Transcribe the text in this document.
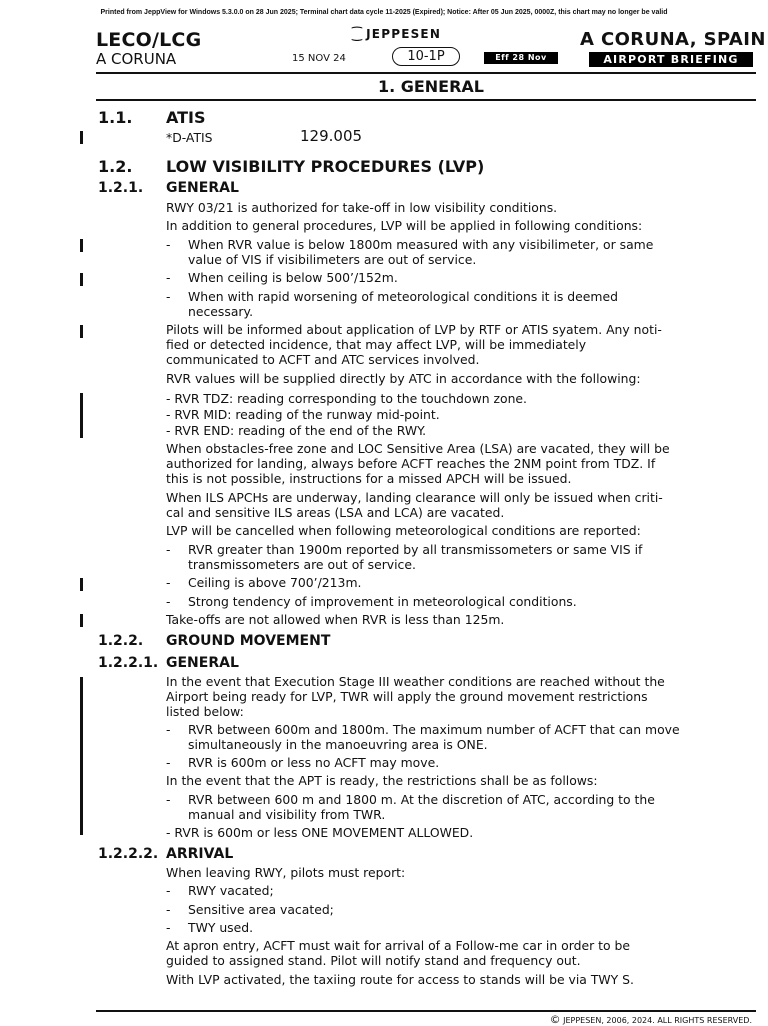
Printed from JeppView for Windows 5.3.0.0 on 28 Jun 2025; Terminal chart data cycle 11-2025 (Expired); Notice: After 05 Jun 2025, 0000Z, this chart may no longer be valid
LECO/LCG
A CORUNA
⁐ JEPPESEN
15 NOV 24	10-1P	Eff 28 Nov
A CORUNA, SPAIN
AIRPORT BRIEFING
1. GENERAL
1.1. ATIS
*D-ATIS	129.005
1.2. LOW VISIBILITY PROCEDURES (LVP)
1.2.1. GENERAL
RWY 03/21 is authorized for take-off in low visibility conditions.
In addition to general procedures, LVP will be applied in following conditions:
- When RVR value is below 1800m measured with any visibilimeter, or same
value of VIS if visibilimeters are out of service.
- When ceiling is below 500’/152m.
- When with rapid worsening of meteorological conditions it is deemed
necessary.
Pilots will be informed about application of LVP by RTF or ATIS syatem. Any noti-
fied or detected incidence, that may affect LVP, will be immediately
communicated to ACFT and ATC services involved.
RVR values will be supplied directly by ATC in accordance with the following:
- RVR TDZ: reading corresponding to the touchdown zone.
- RVR MID: reading of the runway mid-point.
- RVR END: reading of the end of the RWY.
When obstacles-free zone and LOC Sensitive Area (LSA) are vacated, they will be
authorized for landing, always before ACFT reaches the 2NM point from TDZ. If
this is not possible, instructions for a missed APCH will be issued.
When ILS APCHs are underway, landing clearance will only be issued when criti-
cal and sensitive ILS areas (LSA and LCA) are vacated.
LVP will be cancelled when following meteorological conditions are reported:
- RVR greater than 1900m reported by all transmissometers or same VIS if
transmissometers are out of service.
- Ceiling is above 700’/213m.
- Strong tendency of improvement in meteorological conditions.
Take-offs are not allowed when RVR is less than 125m.
1.2.2. GROUND MOVEMENT
1.2.2.1. GENERAL
In the event that Execution Stage III weather conditions are reached without the
Airport being ready for LVP, TWR will apply the ground movement restrictions
listed below:
- RVR between 600m and 1800m. The maximum number of ACFT that can move
simultaneously in the manoeuvring area is ONE.
- RVR is 600m or less no ACFT may move.
In the event that the APT is ready, the restrictions shall be as follows:
- RVR between 600 m and 1800 m. At the discretion of ATC, according to the
manual and visibility from TWR.
- RVR is 600m or less ONE MOVEMENT ALLOWED.
1.2.2.2. ARRIVAL
When leaving RWY, pilots must report:
- RWY vacated;
- Sensitive area vacated;
- TWY used.
At apron entry, ACFT must wait for arrival of a Follow-me car in order to be
guided to assigned stand. Pilot will notify stand and frequency out.
With LVP activated, the taxiing route for access to stands will be via TWY S.
© JEPPESEN, 2006, 2024. ALL RIGHTS RESERVED.
